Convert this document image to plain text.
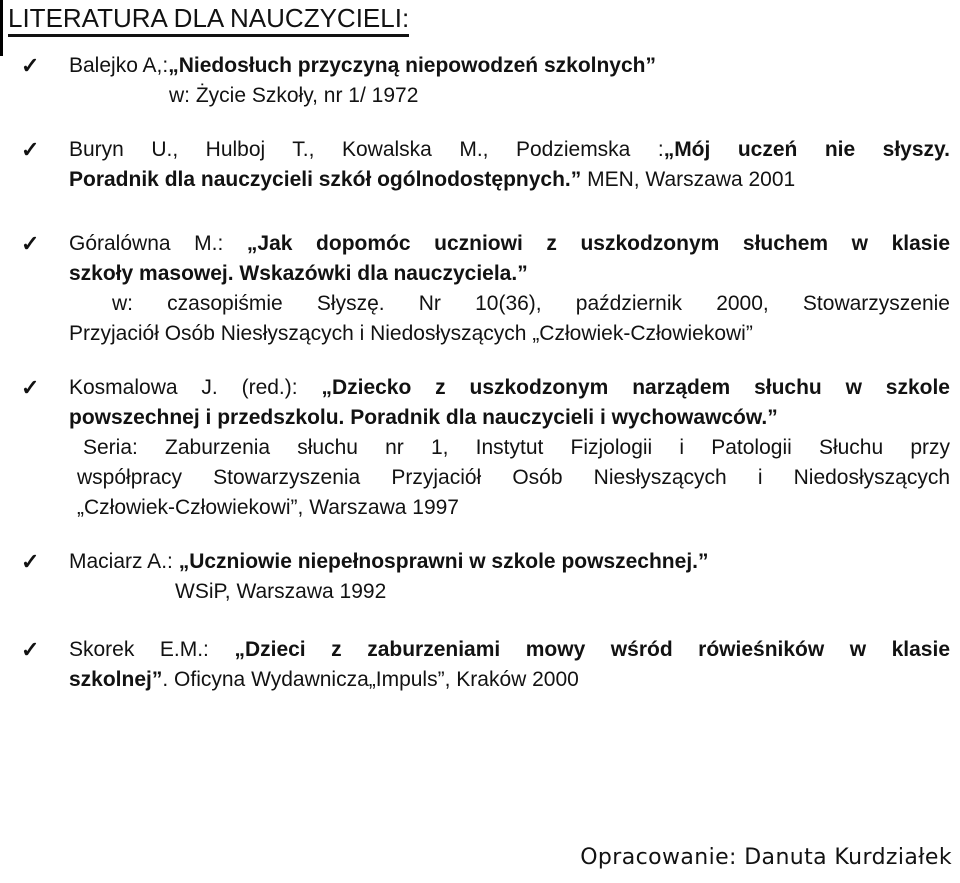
LITERATURA DLA NAUCZYCIELI:
✓	Balejko A,:„Niedosłuch przyczyną niepowodzeń szkolnych”
w: Życie Szkoły, nr 1/ 1972
✓	Buryn U., Hulboj T., Kowalska M., Podziemska :„Mój uczeń nie słyszy.
Poradnik dla nauczycieli szkół ogólnodostępnych.” MEN, Warszawa 2001
✓	Góralówna M.: „Jak dopomóc uczniowi z uszkodzonym słuchem w klasie
szkoły masowej. Wskazówki dla nauczyciela.”
w: czasopiśmie Słyszę. Nr 10(36), październik 2000, Stowarzyszenie
Przyjaciół Osób Niesłyszących i Niedosłyszących „Człowiek-Człowiekowi”
✓	Kosmalowa J. (red.): „Dziecko z uszkodzonym narządem słuchu w szkole
powszechnej i przedszkolu. Poradnik dla nauczycieli i wychowawców.”
Seria: Zaburzenia słuchu nr 1, Instytut Fizjologii i Patologii Słuchu przy
współpracy Stowarzyszenia Przyjaciół Osób Niesłyszących i Niedosłyszących
„Człowiek-Człowiekowi”, Warszawa 1997
✓	Maciarz A.: „Uczniowie niepełnosprawni w szkole powszechnej.”
WSiP, Warszawa 1992
✓	Skorek E.M.: „Dzieci z zaburzeniami mowy wśród rówieśników w klasie
szkolnej”. Oficyna Wydawnicza„Impuls”, Kraków 2000
Opracowanie: Danuta Kurdziałek
